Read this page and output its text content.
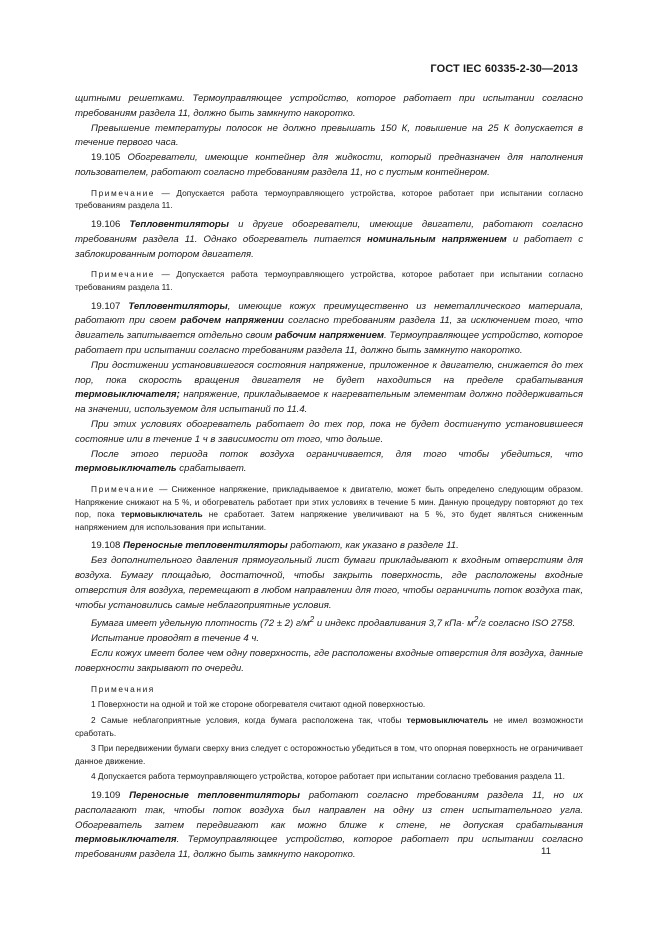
ГОСТ IEC 60335-2-30—2013

щитными решетками. Термоуправляющее устройство, которое работает при испытании согласно требованиям раздела 11, должно быть замкнуто накоротко.

Превышение температуры полосок не должно превышать 150 К, повышение на 25 К допускается в течение первого часа.

19.105 Обогреватели, имеющие контейнер для жидкости, который предназначен для наполнения пользователем, работают согласно требованиям раздела 11, но с пустым контейнером.

Примечание — Допускается работа термоуправляющего устройства, которое работает при испытании согласно требованиям раздела 11.

19.106 Тепловентиляторы и другие обогреватели, имеющие двигатели, работают согласно требованиям раздела 11. Однако обогреватель питается номинальным напряжением и работает с заблокированным ротором двигателя.

Примечание — Допускается работа термоуправляющего устройства, которое работает при испытании согласно требованиям раздела 11.

19.107 Тепловентиляторы, имеющие кожух преимущественно из неметаллического материала, работают при своем рабочем напряжении согласно требованиям раздела 11, за исключением того, что двигатель запитывается отдельно своим рабочим напряжением. Термоуправляющее устройство, которое работает при испытании согласно требованиям раздела 11, должно быть замкнуто накоротко.

При достижении установившегося состояния напряжение, приложенное к двигателю, снижается до тех пор, пока скорость вращения двигателя не будет находиться на пределе срабатывания термовыключателя; напряжение, прикладываемое к нагревательным элементам должно поддерживаться на значении, используемом для испытаний по 11.4.

При этих условиях обогреватель работает до тех пор, пока не будет достигнуто установившееся состояние или в течение 1 ч в зависимости от того, что дольше.

После этого периода поток воздуха ограничивается, для того чтобы убедиться, что термовыключатель срабатывает.

Примечание — Сниженное напряжение, прикладываемое к двигателю, может быть определено следующим образом. Напряжение снижают на 5 %, и обогреватель работает при этих условиях в течение 5 мин. Данную процедуру повторяют до тех пор, пока термовыключатель не сработает. Затем напряжение увеличивают на 5 %, это будет являться сниженным напряжением для использования при испытании.

19.108 Переносные тепловентиляторы работают, как указано в разделе 11.

Без дополнительного давления прямоугольный лист бумаги прикладывают к входным отверстиям для воздуха. Бумагу площадью, достаточной, чтобы закрыть поверхность, где расположены входные отверстия для воздуха, перемещают в любом направлении для того, чтобы ограничить поток воздуха так, чтобы установились самые неблагоприятные условия.

Бумага имеет удельную плотность (72 ± 2) $г/м^2$ и индекс продавливания 3,7 $кПа\cdot м^2/г$ согласно ISO 2758.

Испытание проводят в течение 4 ч.

Если кожух имеет более чем одну поверхность, где расположены входные отверстия для воздуха, данные поверхности закрывают по очереди.

Примечания

1 Поверхности на одной и той же стороне обогревателя считают одной поверхностью.

2 Самые неблагоприятные условия, когда бумага расположена так, чтобы термовыключатель не имел возможности сработать.

3 При передвижении бумаги сверху вниз следует с осторожностью убедиться в том, что опорная поверхность не ограничивает данное движение.

4 Допускается работа термоуправляющего устройства, которое работает при испытании согласно требования раздела 11.

19.109 Переносные тепловентиляторы работают согласно требованиям раздела 11, но их располагают так, чтобы поток воздуха был направлен на одну из стен испытательного угла. Обогреватель затем передвигают как можно ближе к стене, не допуская срабатывания термовыключателя. Термоуправляющее устройство, которое работает при испытании согласно требованиям раздела 11, должно быть замкнуто накоротко.	11
